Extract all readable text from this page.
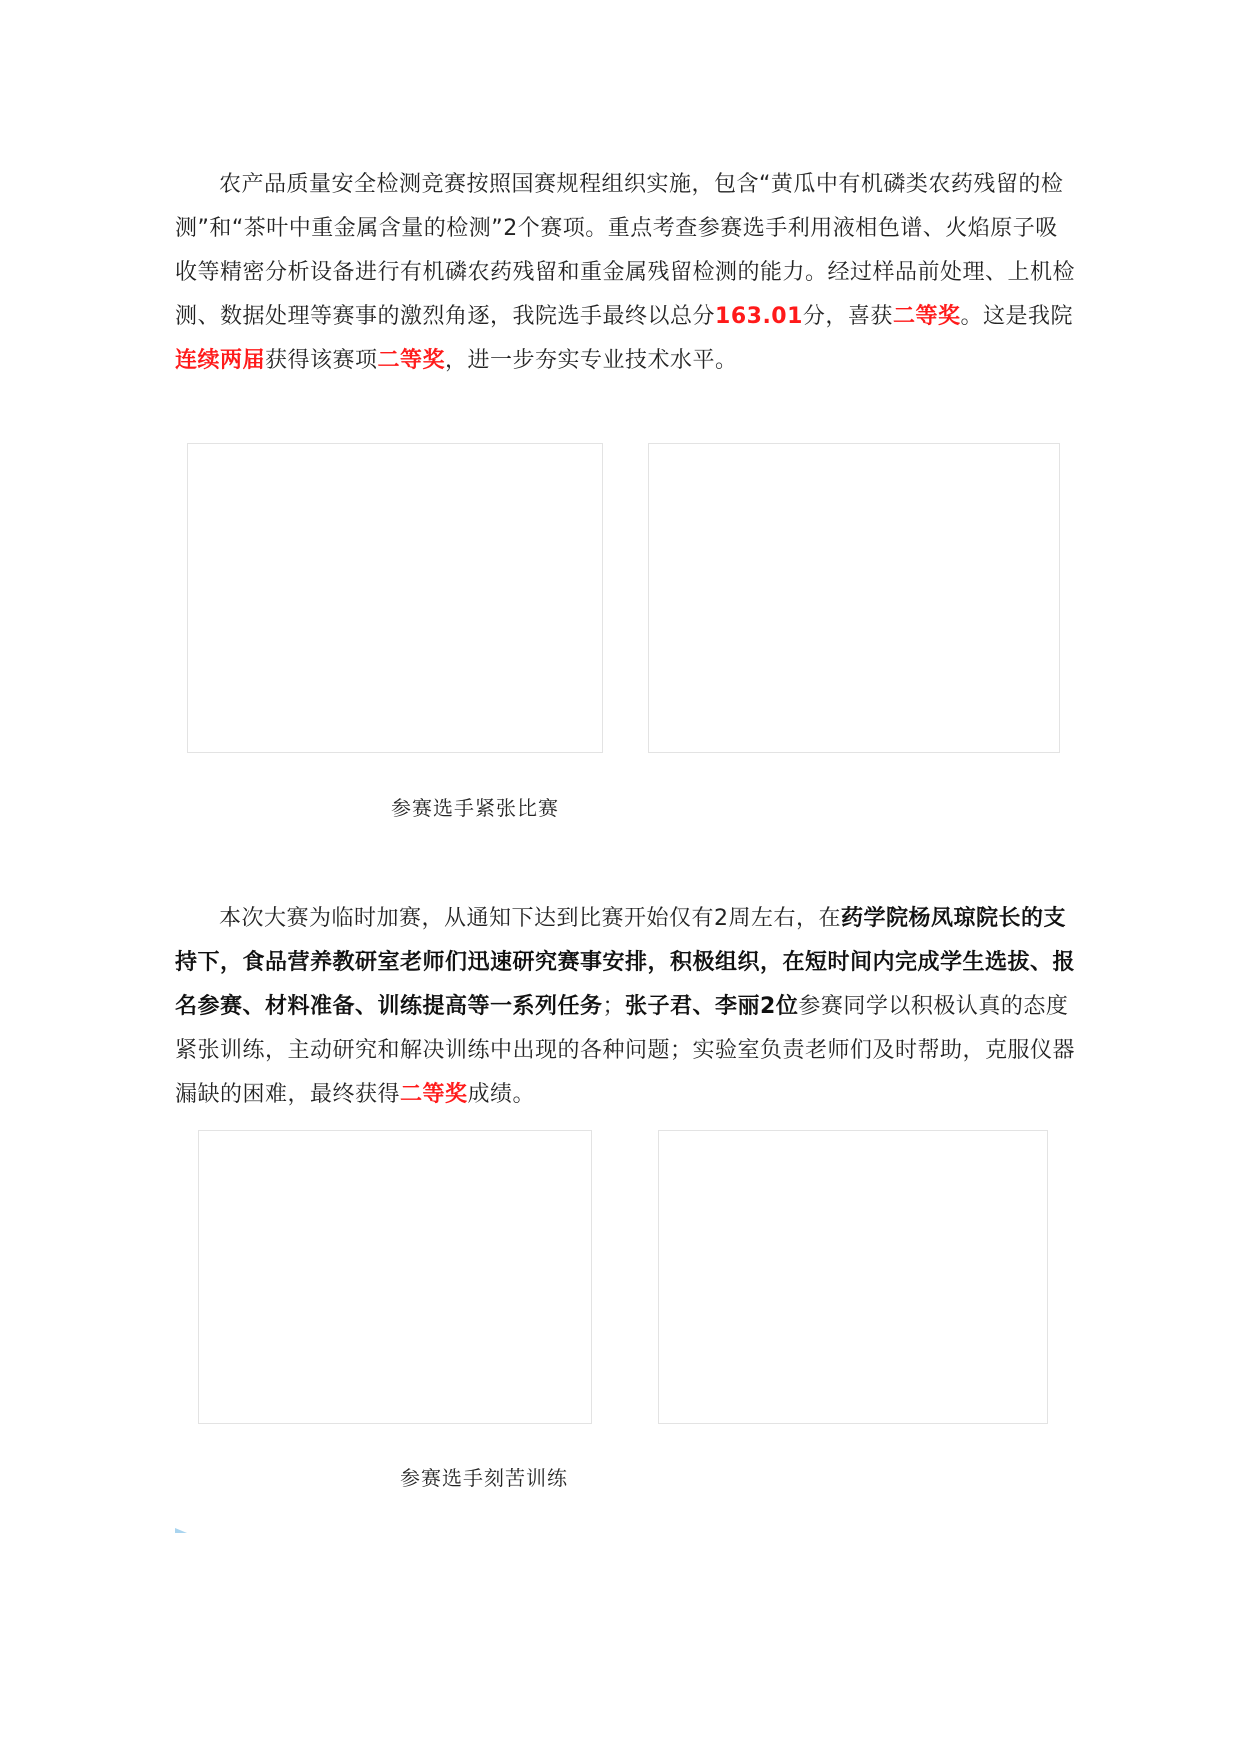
农产品质量安全检测竞赛按照国赛规程组织实施，包含“黄瓜中有机磷类农药残留的检测”和“茶叶中重金属含量的检测”2个赛项。重点考查参赛选手利用液相色谱、火焰原子吸收等精密分析设备进行有机磷农药残留和重金属残留检测的能力。经过样品前处理、上机检测、数据处理等赛事的激烈角逐，我院选手最终以总分163.01分，喜获二等奖。这是我院连续两届获得该赛项二等奖，进一步夯实专业技术水平。

参赛选手紧张比赛

本次大赛为临时加赛，从通知下达到比赛开始仅有2周左右，在药学院杨凤琼院长的支持下，食品营养教研室老师们迅速研究赛事安排，积极组织，在短时间内完成学生选拔、报名参赛、材料准备、训练提高等一系列任务；张子君、李丽2位参赛同学以积极认真的态度紧张训练，主动研究和解决训练中出现的各种问题；实验室负责老师们及时帮助，克服仪器漏缺的困难，最终获得二等奖成绩。

参赛选手刻苦训练
